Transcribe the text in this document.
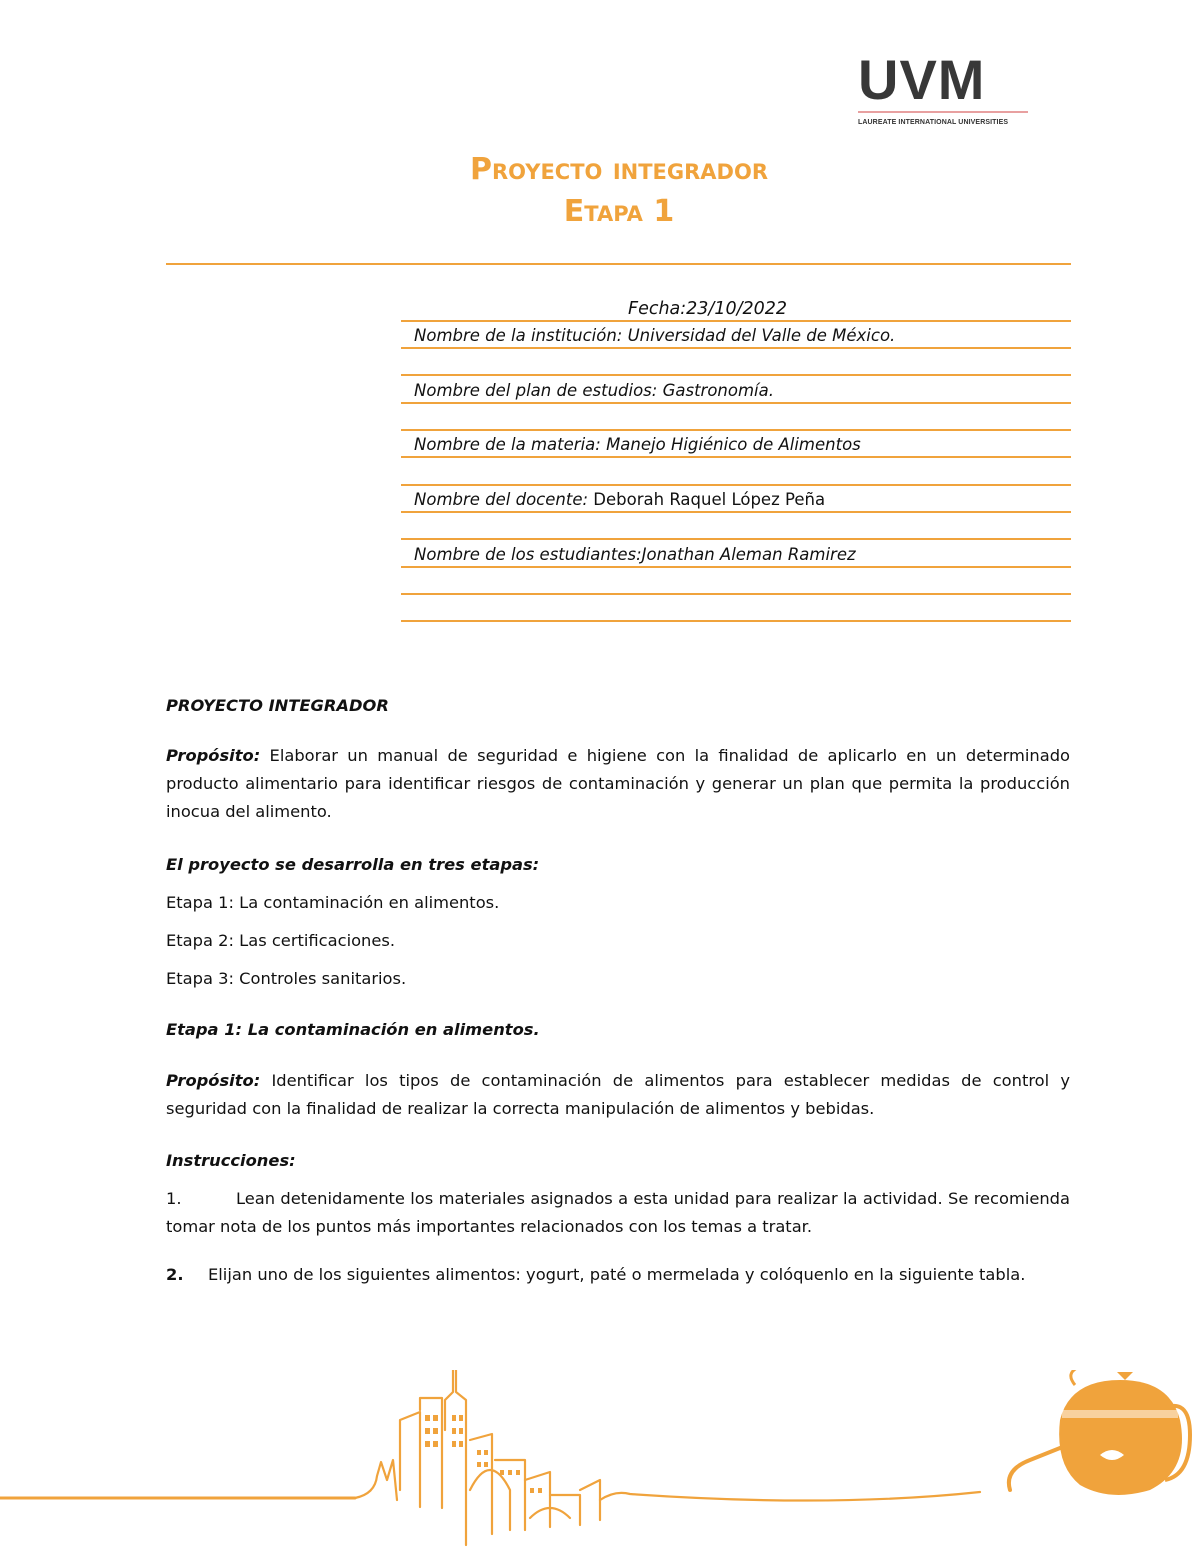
UVM
LAUREATE INTERNATIONAL UNIVERSITIES
Proyecto integrador
Etapa 1
Fecha:23/10/2022
Nombre de la institución: Universidad del Valle de México.
Nombre del plan de estudios: Gastronomía.
Nombre de la materia: Manejo Higiénico de Alimentos
Nombre del docente: Deborah Raquel López Peña
Nombre de los estudiantes:Jonathan Aleman Ramirez
PROYECTO INTEGRADOR
Propósito: Elaborar un manual de seguridad e higiene con la finalidad de aplicarlo en un determinado producto alimentario para identificar riesgos de contaminación y generar un plan que permita la producción inocua del alimento.
El proyecto se desarrolla en tres etapas:
Etapa 1: La contaminación en alimentos.
Etapa 2: Las certificaciones.
Etapa 3: Controles sanitarios.
Etapa 1: La contaminación en alimentos.
Propósito: Identificar los tipos de contaminación de alimentos para establecer medidas de control y seguridad con la finalidad de realizar la correcta manipulación de alimentos y bebidas.
Instrucciones:
1.	Lean detenidamente los materiales asignados a esta unidad para realizar la actividad. Se recomienda tomar nota de los puntos más importantes relacionados con los temas a tratar.
2. Elijan uno de los siguientes alimentos: yogurt, paté o mermelada y colóquenlo en la siguiente tabla.
